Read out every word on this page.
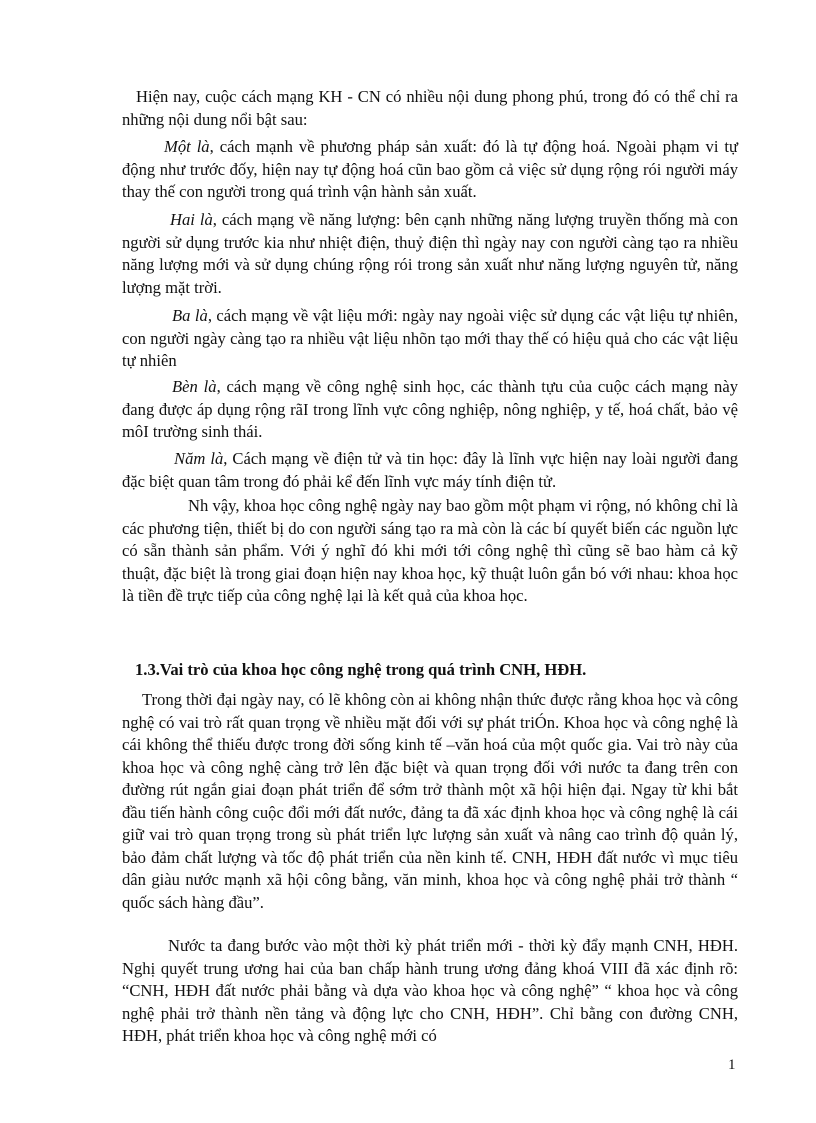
Hiện nay, cuộc cách mạng KH - CN có nhiều nội dung phong phú, trong đó có thể chỉ ra những nội dung nổi bật sau:

Một là, cách mạnh về phương pháp sản xuất: đó là tự động hoá. Ngoài phạm vi tự động như trước đốy, hiện nay tự động hoá cũn bao gồm cả việc sử dụng rộng rói người máy thay thế con người trong quá trình vận hành sản xuất.

Hai là, cách mạng về năng lượng: bên cạnh những năng lượng truyền thống mà con người sử dụng trước kia như nhiệt điện, thuỷ điện thì ngày nay con người càng tạo ra nhiều năng lượng mới và sử dụng chúng rộng rói trong sản xuất như năng lượng nguyên tử, năng lượng mặt trời.

Ba là, cách mạng về vật liệu mới: ngày nay ngoài việc sử dụng các vật liệu tự nhiên, con người ngày càng tạo ra nhiều vật liệu nhõn tạo mới thay thế có hiệu quả cho các vật liệu tự nhiên

Bèn là, cách mạng về công nghệ sinh học, các thành tựu của cuộc cách mạng này đang được áp dụng rộng rãI trong lĩnh vực công nghiệp, nông nghiệp, y tế, hoá chất, bảo vệ môI trường sinh thái.

Năm là, Cách mạng về điện tử và tin học: đây là lĩnh vực hiện nay loài người đang đặc biệt quan tâm trong đó phải kể đến lĩnh vực máy tính điện tử.

Nh vậy, khoa học công nghệ ngày nay bao gồm một phạm vi rộng, nó không chỉ là các phương tiện, thiết bị do con người sáng tạo ra mà còn là các bí quyết biến các nguồn lực có sẵn thành sản phẩm. Với ý nghĩ đó khi mới tới công nghệ thì cũng sẽ bao hàm cả kỹ thuật, đặc biệt là trong giai đoạn hiện nay khoa học, kỹ thuật luôn gắn bó với nhau: khoa học là tiền đề trực tiếp của công nghệ lại là kết quả của khoa học.

1.3.Vai trò của khoa học công nghệ trong quá trình CNH, HĐH.

Trong thời đại ngày nay, có lẽ không còn ai không nhận thức được rằng khoa học và công nghệ có vai trò rất quan trọng về nhiều mặt đối với sự phát triÓn. Khoa học và công nghệ là cái không thể thiếu được trong đời sống kinh tế –văn hoá của một quốc gia. Vai trò này của khoa học và công nghệ càng trở lên đặc biệt và quan trọng đối với nước ta đang trên con đường rút ngắn giai đoạn phát triển để sớm trở thành một xã hội hiện đại. Ngay từ khi bắt đầu tiến hành công cuộc đổi mới đất nước, đảng ta đã xác định khoa học và công nghệ là cái giữ vai trò quan trọng trong sù phát triển lực lượng sản xuất và nâng cao trình độ quản lý, bảo đảm chất lượng và tốc độ phát triển của nền kinh tế. CNH, HĐH đất nước vì mục tiêu dân giàu nước mạnh xã hội công bằng, văn minh, khoa học và công nghệ phải trở thành “ quốc sách hàng đầu”.

Nước ta đang bước vào một thời kỳ phát triển mới - thời kỳ đẩy mạnh CNH, HĐH. Nghị quyết trung ương hai của ban chấp hành trung ương đảng khoá VIII đã xác định rõ: “CNH, HĐH đất nước phải bằng và dựa vào khoa học và công nghệ” “ khoa học và công nghệ phải trở thành nền tảng và động lực cho CNH, HĐH”. Chỉ bằng con đường CNH, HĐH, phát triển khoa học và công nghệ mới có

1
